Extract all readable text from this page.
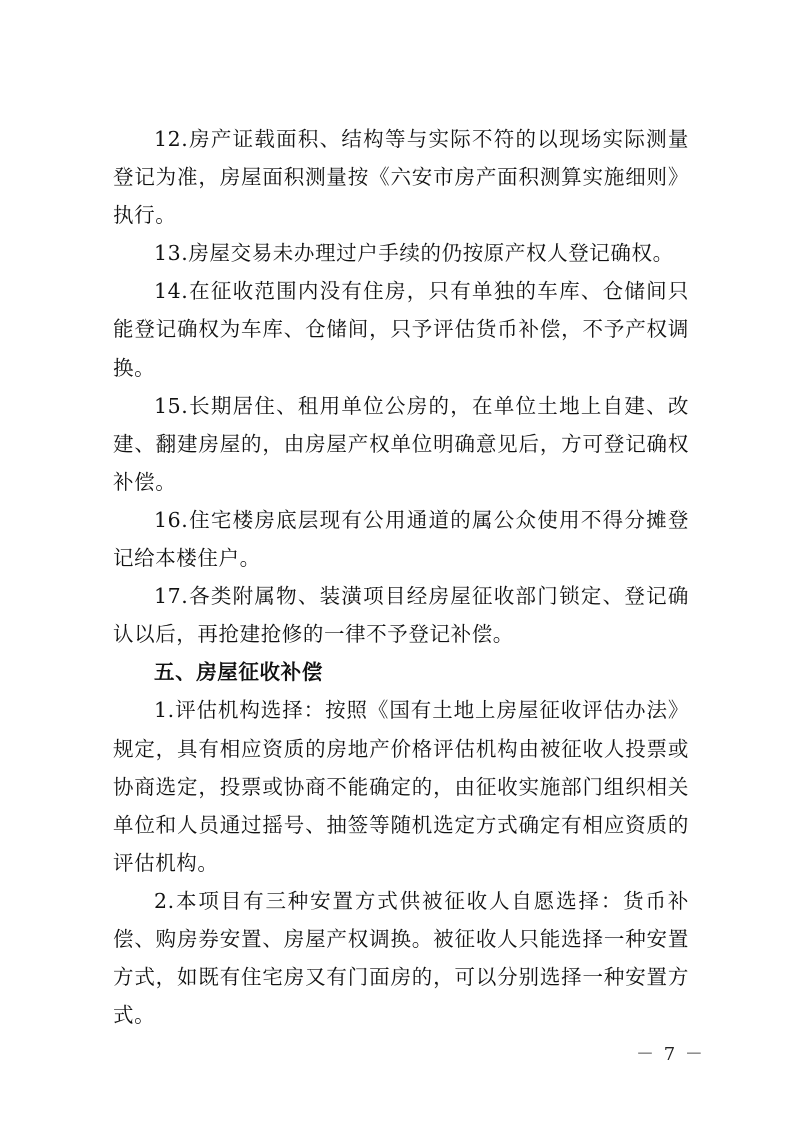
12.房产证载面积、结构等与实际不符的以现场实际测量登记为准，房屋面积测量按《六安市房产面积测算实施细则》执行。

13.房屋交易未办理过户手续的仍按原产权人登记确权。

14.在征收范围内没有住房，只有单独的车库、仓储间只能登记确权为车库、仓储间，只予评估货币补偿，不予产权调换。

15.长期居住、租用单位公房的，在单位土地上自建、改建、翻建房屋的，由房屋产权单位明确意见后，方可登记确权补偿。

16.住宅楼房底层现有公用通道的属公众使用不得分摊登记给本楼住户。

17.各类附属物、装潢项目经房屋征收部门锁定、登记确认以后，再抢建抢修的一律不予登记补偿。

五、房屋征收补偿

1.评估机构选择：按照《国有土地上房屋征收评估办法》规定，具有相应资质的房地产价格评估机构由被征收人投票或协商选定，投票或协商不能确定的，由征收实施部门组织相关单位和人员通过摇号、抽签等随机选定方式确定有相应资质的评估机构。

2.本项目有三种安置方式供被征收人自愿选择：货币补偿、购房券安置、房屋产权调换。被征收人只能选择一种安置方式，如既有住宅房又有门面房的，可以分别选择一种安置方式。

－ 7 －
